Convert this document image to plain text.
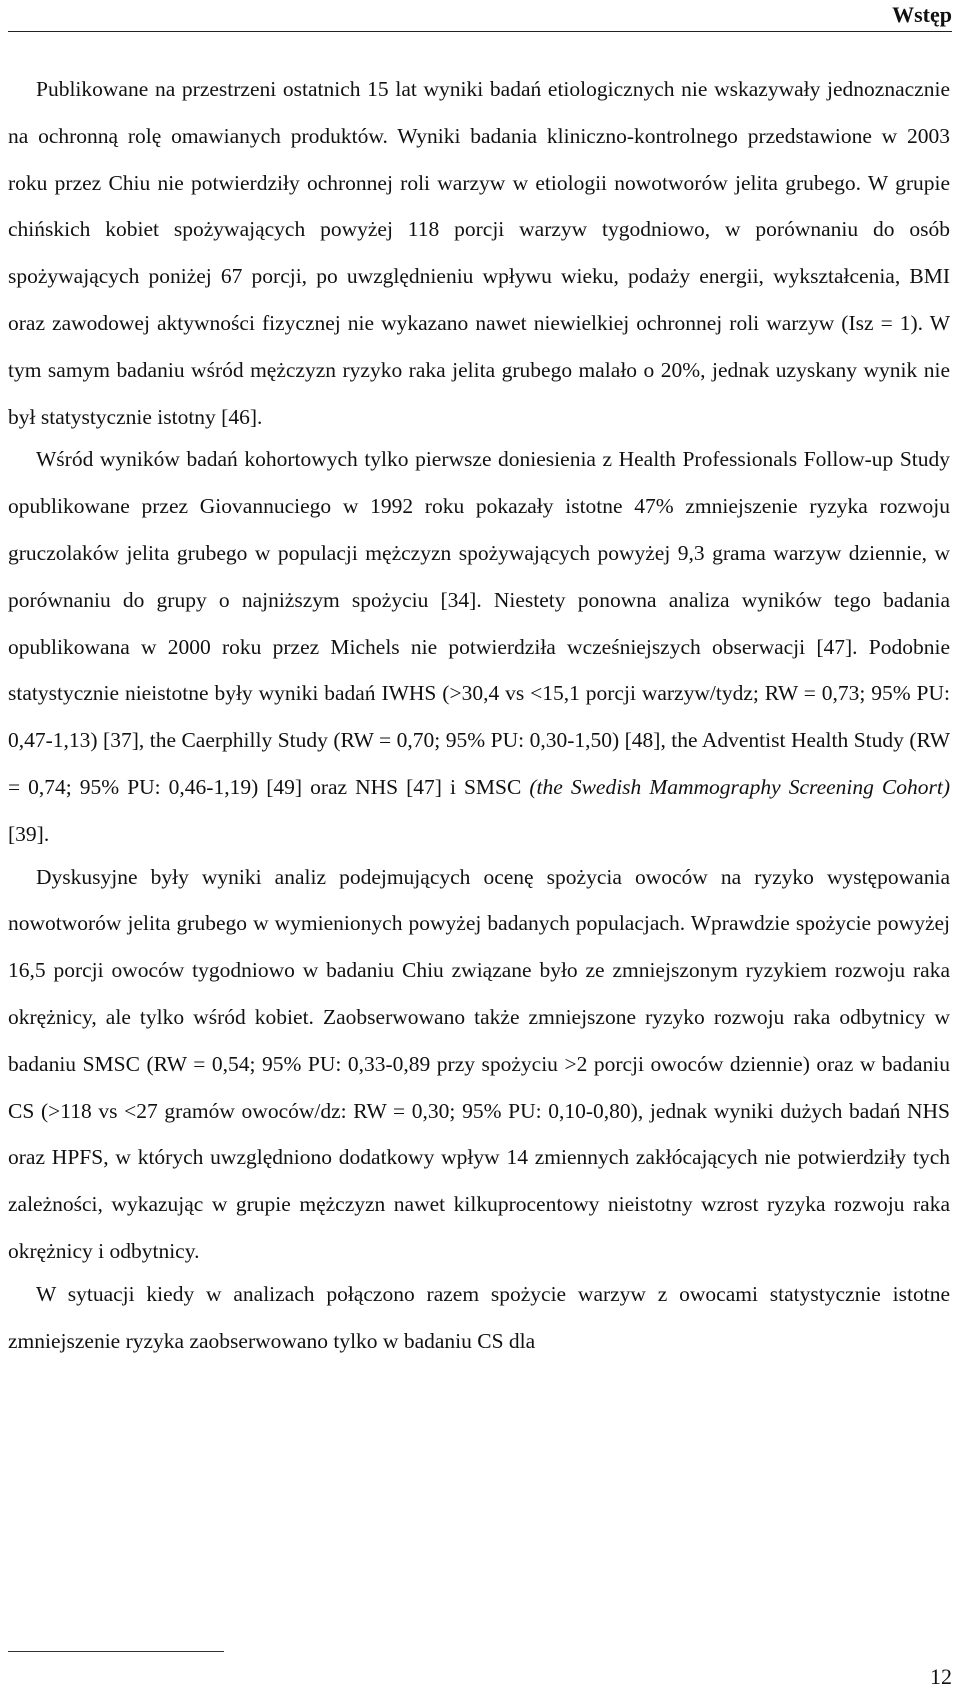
Wstęp

Publikowane na przestrzeni ostatnich 15 lat wyniki badań etiologicznych nie wskazywały jednoznacznie na ochronną rolę omawianych produktów. Wyniki badania kliniczno-kontrolnego przedstawione w 2003 roku przez Chiu nie potwierdziły ochronnej roli warzyw w etiologii nowotworów jelita grubego. W grupie chińskich kobiet spożywających powyżej 118 porcji warzyw tygodniowo, w porównaniu do osób spożywających poniżej 67 porcji, po uwzględnieniu wpływu wieku, podaży energii, wykształcenia, BMI oraz zawodowej aktywności fizycznej nie wykazano nawet niewielkiej ochronnej roli warzyw (Isz = 1). W tym samym badaniu wśród mężczyzn ryzyko raka jelita grubego malało o 20%, jednak uzyskany wynik nie był statystycznie istotny [46].

Wśród wyników badań kohortowych tylko pierwsze doniesienia z Health Professionals Follow-up Study opublikowane przez Giovannuciego w 1992 roku pokazały istotne 47% zmniejszenie ryzyka rozwoju gruczolaków jelita grubego w populacji mężczyzn spożywających powyżej 9,3 grama warzyw dziennie, w porównaniu do grupy o najniższym spożyciu [34]. Niestety ponowna analiza wyników tego badania opublikowana w 2000 roku przez Michels nie potwierdziła wcześniejszych obserwacji [47]. Podobnie statystycznie nieistotne były wyniki badań IWHS (>30,4 vs <15,1 porcji warzyw/tydz; RW = 0,73; 95% PU: 0,47-1,13) [37], the Caerphilly Study (RW = 0,70; 95% PU: 0,30-1,50) [48], the Adventist Health Study (RW = 0,74; 95% PU: 0,46-1,19) [49] oraz NHS [47] i SMSC (the Swedish Mammography Screening Cohort) [39].

Dyskusyjne były wyniki analiz podejmujących ocenę spożycia owoców na ryzyko występowania nowotworów jelita grubego w wymienionych powyżej badanych populacjach. Wprawdzie spożycie powyżej 16,5 porcji owoców tygodniowo w badaniu Chiu związane było ze zmniejszonym ryzykiem rozwoju raka okrężnicy, ale tylko wśród kobiet. Zaobserwowano także zmniejszone ryzyko rozwoju raka odbytnicy w badaniu SMSC (RW = 0,54; 95% PU: 0,33-0,89 przy spożyciu >2 porcji owoców dziennie) oraz w badaniu CS (>118 vs <27 gramów owoców/dz: RW = 0,30; 95% PU: 0,10-0,80), jednak wyniki dużych badań NHS oraz HPFS, w których uwzględniono dodatkowy wpływ 14 zmiennych zakłócających nie potwierdziły tych zależności, wykazując w grupie mężczyzn nawet kilkuprocentowy nieistotny wzrost ryzyka rozwoju raka okrężnicy i odbytnicy.

W sytuacji kiedy w analizach połączono razem spożycie warzyw z owocami statystycznie istotne zmniejszenie ryzyka zaobserwowano tylko w badaniu CS dla

12
